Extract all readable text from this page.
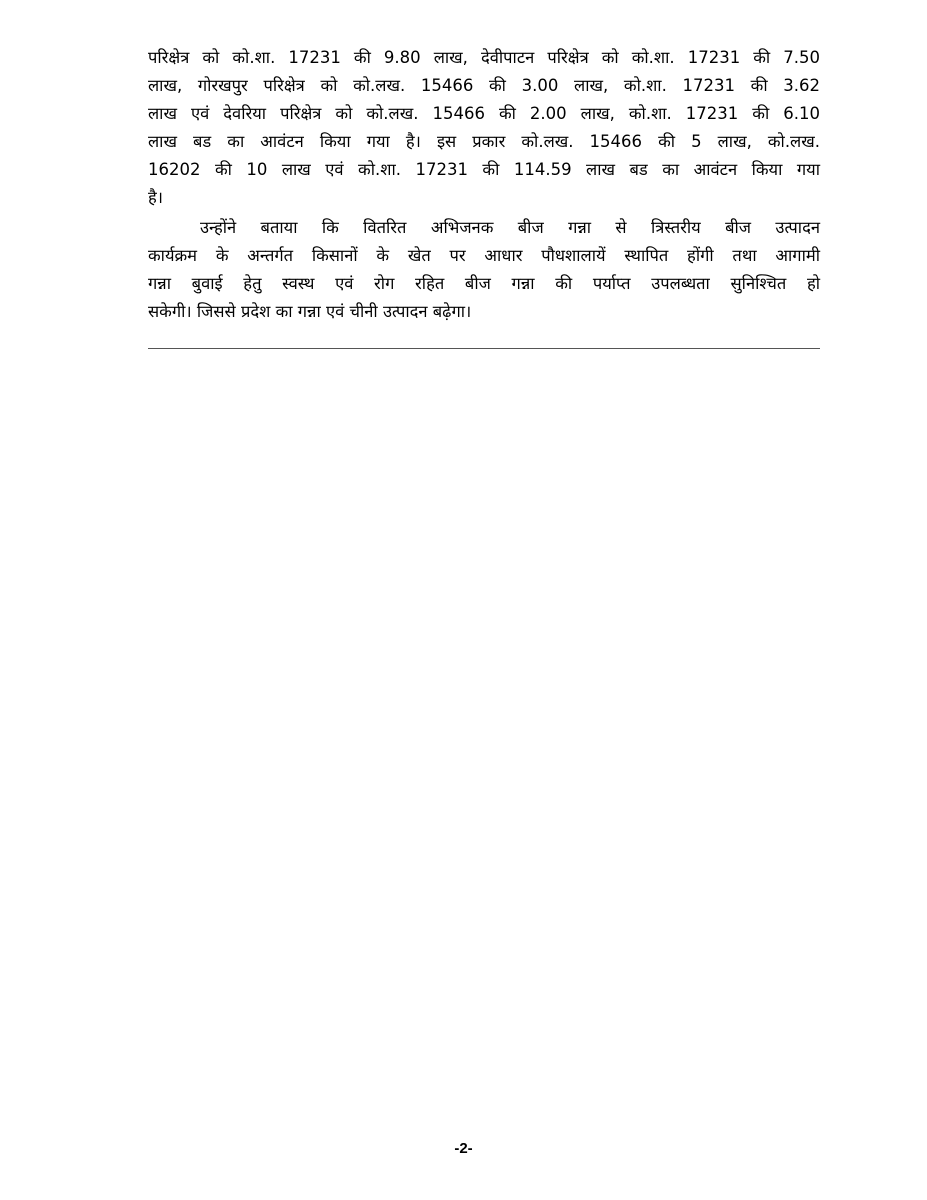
परिक्षेत्र को को.शा. 17231 की 9.80 लाख, देवीपाटन परिक्षेत्र को को.शा. 17231 की 7.50
लाख, गोरखपुर परिक्षेत्र को को.लख. 15466 की 3.00 लाख, को.शा. 17231 की 3.62
लाख एवं देवरिया परिक्षेत्र को को.लख. 15466 की 2.00 लाख, को.शा. 17231 की 6.10
लाख बड का आवंटन किया गया है। इस प्रकार को.लख. 15466 की 5 लाख, को.लख.
16202 की 10 लाख एवं को.शा. 17231 की 114.59 लाख बड का आवंटन किया गया
है।
उन्होंने बताया कि वितरित अभिजनक बीज गन्ना से त्रिस्तरीय बीज उत्पादन
कार्यक्रम के अन्तर्गत किसानों के खेत पर आधार पौधशालायें स्थापित होंगी तथा आगामी
गन्ना बुवाई हेतु स्वस्थ एवं रोग रहित बीज गन्ना की पर्याप्त उपलब्धता सुनिश्चित हो
सकेगी। जिससे प्रदेश का गन्ना एवं चीनी उत्पादन बढ़ेगा।
-2-
